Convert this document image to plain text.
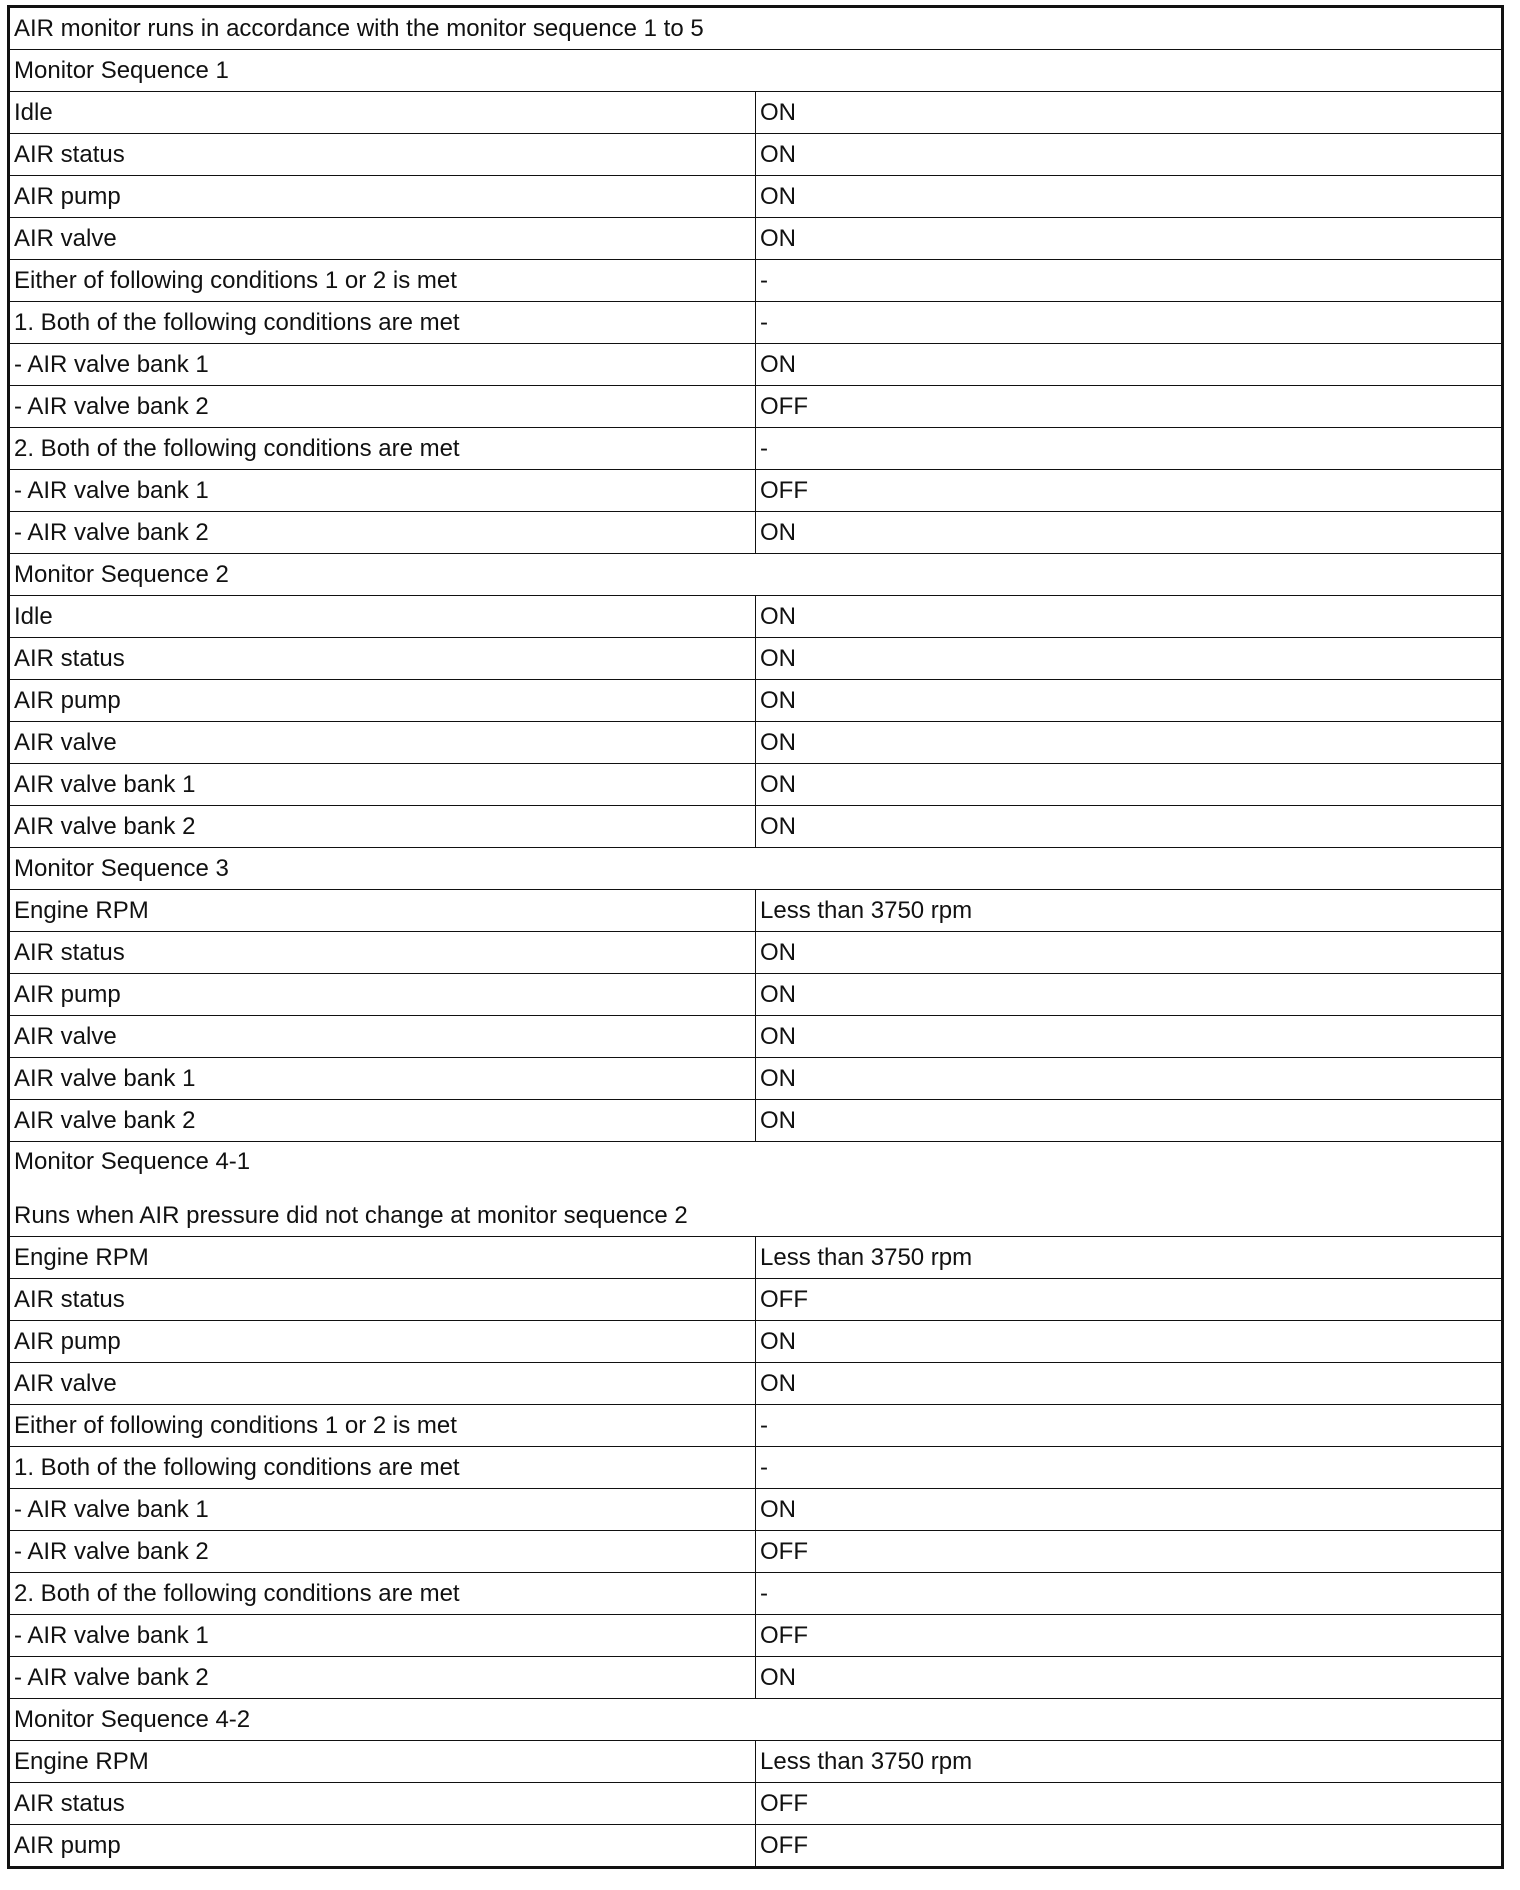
AIR monitor runs in accordance with the monitor sequence 1 to 5	
Monitor Sequence 1	
Idle	ON
AIR status	ON
AIR pump	ON
AIR valve	ON
Either of following conditions 1 or 2 is met	-
1. Both of the following conditions are met	-
- AIR valve bank 1	ON
- AIR valve bank 2	OFF
2. Both of the following conditions are met	-
- AIR valve bank 1	OFF
- AIR valve bank 2	ON
Monitor Sequence 2	
Idle	ON
AIR status	ON
AIR pump	ON
AIR valve	ON
AIR valve bank 1	ON
AIR valve bank 2	ON
Monitor Sequence 3	
Engine RPM	Less than 3750 rpm
AIR status	ON
AIR pump	ON
AIR valve	ON
AIR valve bank 1	ON
AIR valve bank 2	ON
Monitor Sequence 4-1
Runs when AIR pressure did not change at monitor sequence 2	

Engine RPM	Less than 3750 rpm
AIR status	OFF
AIR pump	ON
AIR valve	ON
Either of following conditions 1 or 2 is met	-
1. Both of the following conditions are met	-
- AIR valve bank 1	ON
- AIR valve bank 2	OFF
2. Both of the following conditions are met	-
- AIR valve bank 1	OFF
- AIR valve bank 2	ON
Monitor Sequence 4-2	
Engine RPM	Less than 3750 rpm
AIR status	OFF
AIR pump	OFF
